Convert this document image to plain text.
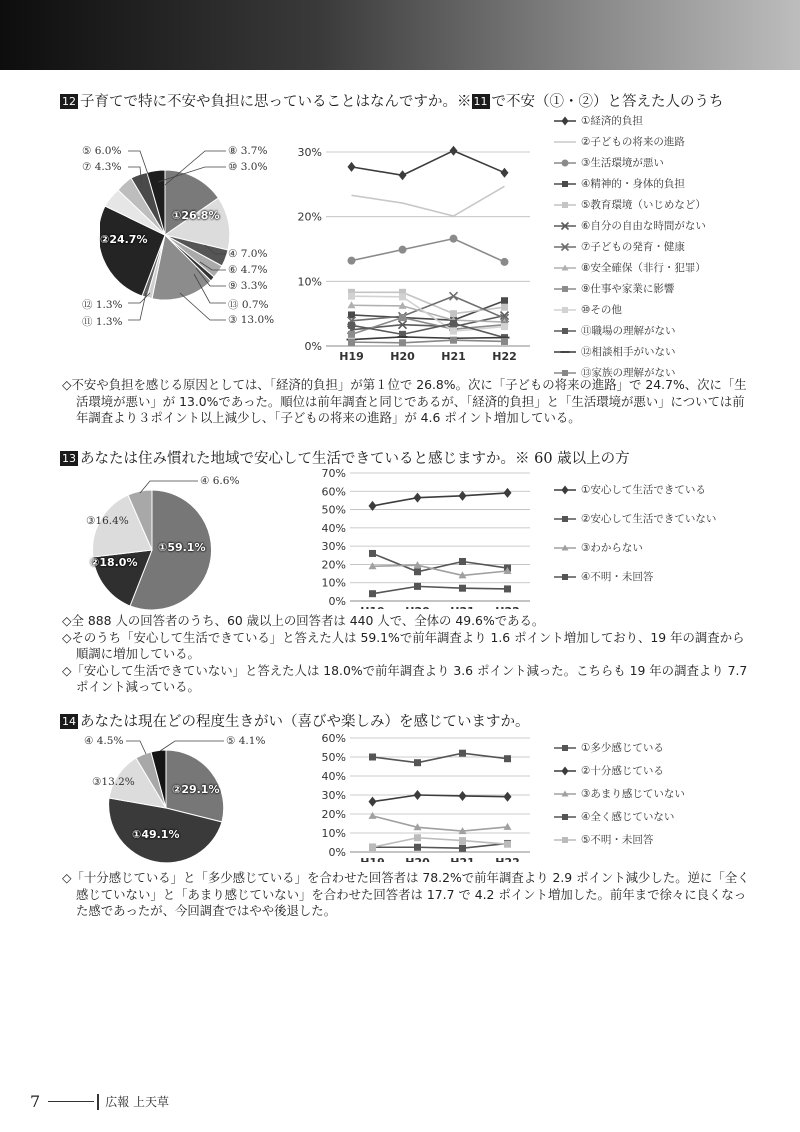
12 子育てで特に不安や負担に思っていることはなんですか。※ 11 で不安（①・②）と答えた人のうち
①26.8%
②24.7%
⑧ 3.7%
⑩ 3.0%
④ 7.0%
⑥ 4.7%
⑨ 3.3%
⑬ 0.7%
③ 13.0%
⑤ 6.0%
⑦ 4.3%
⑫ 1.3%
⑪ 1.3%
0%
10%
20%
30%
H19 H20 H21 H22
①経済的負担
②子どもの将来の進路
③生活環境が悪い
④精神的・身体的負担
⑤教育環境（いじめなど）
⑥自分の自由な時間がない
⑦子どもの発育・健康
⑧安全確保（非行・犯罪）
⑨仕事や家業に影響
⑩その他
⑪職場の理解がない
⑫相談相手がいない
⑬家族の理解がない
◇不安や負担を感じる原因としては、「経済的負担」が第１位で 26.8%。次に「子どもの将来の進路」で 24.7%、次に「生活環境が悪い」が 13.0%であった。順位は前年調査と同じであるが、「経済的負担」と「生活環境が悪い」については前年調査より３ポイント以上減少し、「子どもの将来の進路」が 4.6 ポイント増加している。
13 あなたは住み慣れた地域で安心して生活できていると感じますか。※ 60 歳以上の方
①59.1%
②18.0%
④ 6.6%
③16.4%
0%
10%
20%
30%
40%
50%
60%
70%
①安心して生活できている
②安心して生活できていない
③わからない
④不明・未回答
◇全 888 人の回答者のうち、60 歳以上の回答者は 440 人で、全体の 49.6%である。
◇そのうち「安心して生活できている」と答えた人は 59.1%で前年調査より 1.6 ポイント増加しており、19 年の調査から順調に増加している。
◇「安心して生活できていない」と答えた人は 18.0%で前年調査より 3.6 ポイント減った。こちらも 19 年の調査より 7.7 ポイント減っている。
14 あなたは現在どの程度生きがい（喜びや楽しみ）を感じていますか。
②29.1%
①49.1%
④ 4.5%	⑤ 4.1%
③13.2%
0%
10%
20%
30%
40%
50%
60%
①多少感じている
②十分感じている
③あまり感じていない
④全く感じていない
⑤不明・未回答
◇「十分感じている」と「多少感じている」を合わせた回答者は 78.2%で前年調査より 2.9 ポイント減少した。逆に「全く感じていない」と「あまり感じていない」を合わせた回答者は 17.7 で 4.2 ポイント増加した。前年まで徐々に良くなった感であったが、今回調査ではやや後退した。
7	広報 上天草
